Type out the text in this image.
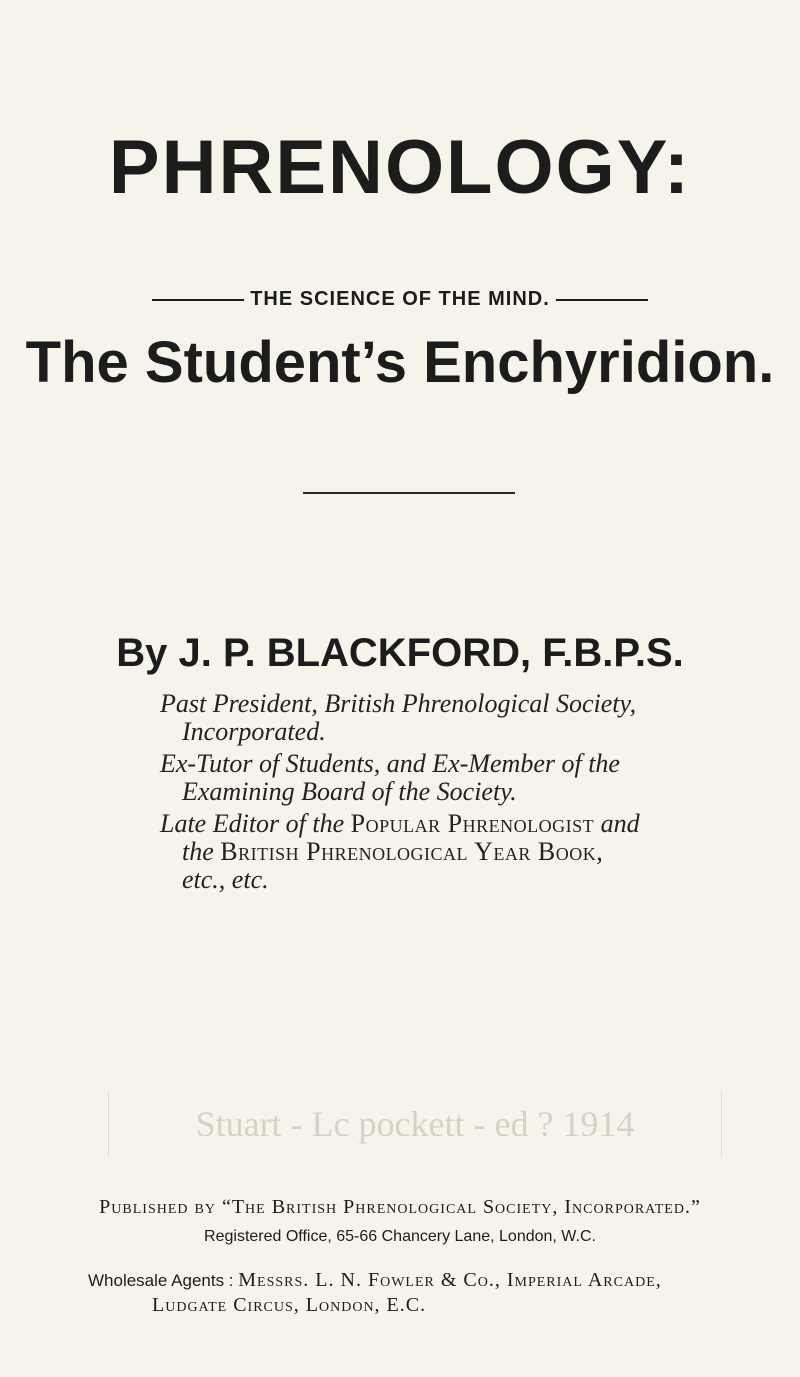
PHRENOLOGY:
THE SCIENCE OF THE MIND.
The Student’s Enchyridion.
By J. P. BLACKFORD, F.B.P.S.
Past President, British Phrenological Society,
Incorporated.
Ex-Tutor of Students, and Ex-Member of the
Examining Board of the Society.
Late Editor of the Popular Phrenologist and
the British Phrenological Year Book,
etc., etc.
Stuart - Lc pockett - ed ? 1914
Published by “The British Phrenological Society, Incorporated.”
Registered Office, 65-66 Chancery Lane, London, W.C.
Wholesale Agents : Messrs. L. N. Fowler & Co., Imperial Arcade,
Ludgate Circus, London, E.C.
